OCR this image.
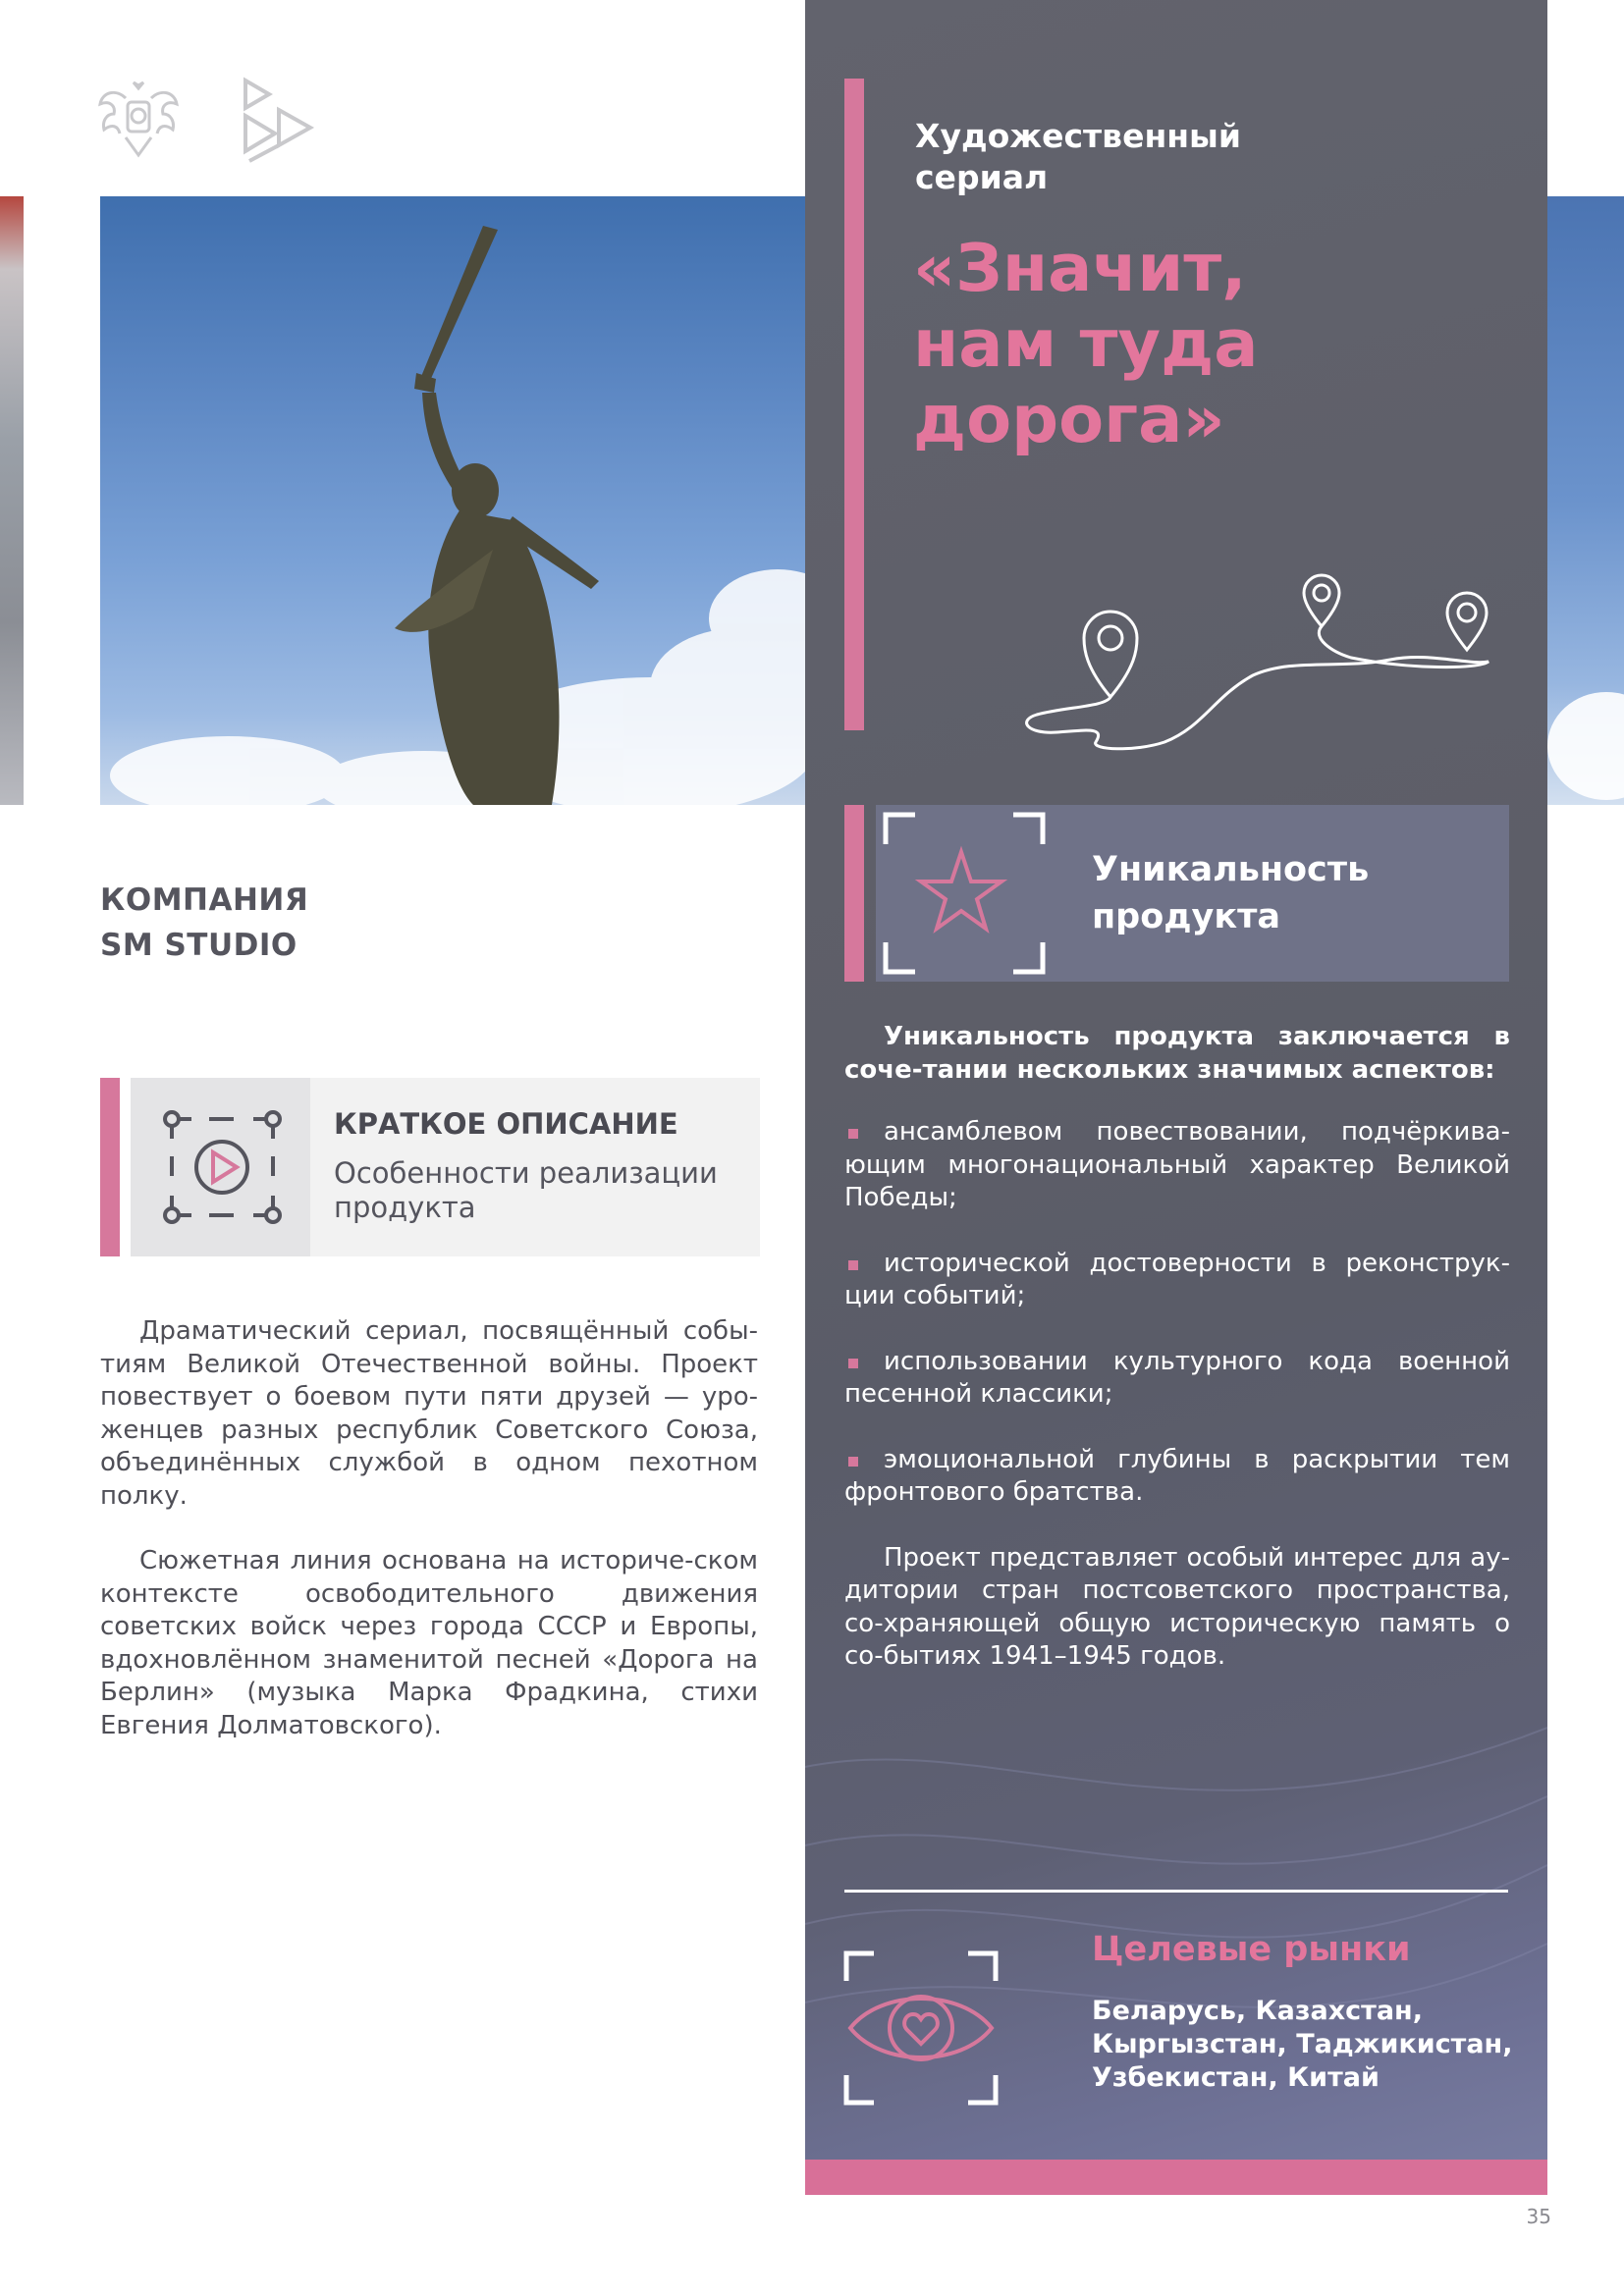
КОМПАНИЯ
SM STUDIO
КРАТКОЕ ОПИСАНИЕ
Особенности реализации продукта

Драматический сериал, посвящённый собы-тиям Великой Отечественной войны. Проект повествует о боевом пути пяти друзей — уро-женцев разных республик Советского Союза, объединённых службой в одном пехотном полку.

Сюжетная линия основана на историче-ском контексте освободительного движения советских войск через города СССР и Европы, вдохновлённом знаменитой песней «Дорога на Берлин» (музыка Марка Фрадкина, стихи Евгения Долматовского).

Художественный
сериал
«Значит,
нам туда
дорога»
Уникальность
продукта

Уникальность продукта заключается в соче-тании нескольких значимых аспектов:

ансамблевом повествовании, подчёркива-ющим многонациональный характер Великой Победы;
исторической достоверности в реконструк-ции событий;
использовании культурного кода военной песенной классики;
эмоциональной глубины в раскрытии тем фронтового братства.

Проект представляет особый интерес для ау-дитории стран постсоветского пространства, со-храняющей общую историческую память о со-бытиях 1941–1945 годов.

Целевые рынки
Беларусь, Казахстан,
Кыргызстан, Таджикистан,
Узбекистан, Китай
35
